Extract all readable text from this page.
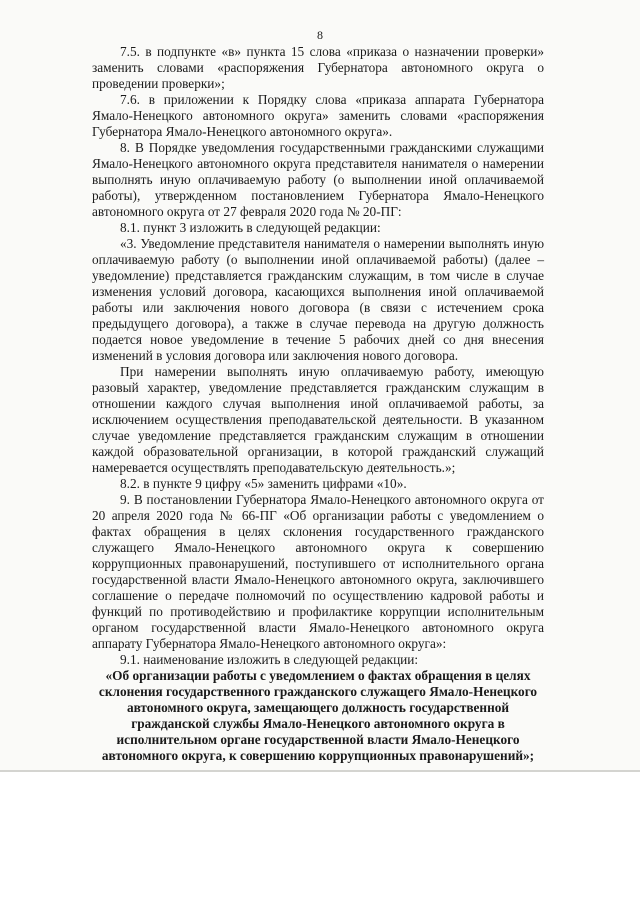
8

7.5. в подпункте «в» пункта 15 слова «приказа о назначении проверки» заменить словами «распоряжения Губернатора автономного округа о проведении проверки»;

7.6. в приложении к Порядку слова «приказа аппарата Губернатора Ямало-Ненецкого автономного округа» заменить словами «распоряжения Губернатора Ямало-Ненецкого автономного округа».

8. В Порядке уведомления государственными гражданскими служащими Ямало-Ненецкого автономного округа представителя нанимателя о намерении выполнять иную оплачиваемую работу (о выполнении иной оплачиваемой работы), утвержденном постановлением Губернатора Ямало-Ненецкого автономного округа от 27 февраля 2020 года № 20-ПГ:

8.1. пункт 3 изложить в следующей редакции:

«3. Уведомление представителя нанимателя о намерении выполнять иную оплачиваемую работу (о выполнении иной оплачиваемой работы) (далее – уведомление) представляется гражданским служащим, в том числе в случае изменения условий договора, касающихся выполнения иной оплачиваемой работы или заключения нового договора (в связи с истечением срока предыдущего договора), а также в случае перевода на другую должность подается новое уведомление в течение 5 рабочих дней со дня внесения изменений в условия договора или заключения нового договора.

При намерении выполнять иную оплачиваемую работу, имеющую разовый характер, уведомление представляется гражданским служащим в отношении каждого случая выполнения иной оплачиваемой работы, за исключением осуществления преподавательской деятельности. В указанном случае уведомление представляется гражданским служащим в отношении каждой образовательной организации, в которой гражданский служащий намеревается осуществлять преподавательскую деятельность.»;

8.2. в пункте 9 цифру «5» заменить цифрами «10».

9. В постановлении Губернатора Ямало-Ненецкого автономного округа от 20 апреля 2020 года № 66-ПГ «Об организации работы с уведомлением о фактах обращения в целях склонения государственного гражданского служащего Ямало-Ненецкого автономного округа к совершению коррупционных правонарушений, поступившего от исполнительного органа государственной власти Ямало-Ненецкого автономного округа, заключившего соглашение о передаче полномочий по осуществлению кадровой работы и функций по противодействию и профилактике коррупции исполнительным органом государственной власти Ямало-Ненецкого автономного округа аппарату Губернатора Ямало-Ненецкого автономного округа»:

9.1. наименование изложить в следующей редакции:

«Об организации работы с уведомлением о фактах обращения в целях склонения государственного гражданского служащего Ямало-Ненецкого автономного округа, замещающего должность государственной гражданской службы Ямало-Ненецкого автономного округа в исполнительном органе государственной власти Ямало-Ненецкого автономного округа, к совершению коррупционных правонарушений»;
